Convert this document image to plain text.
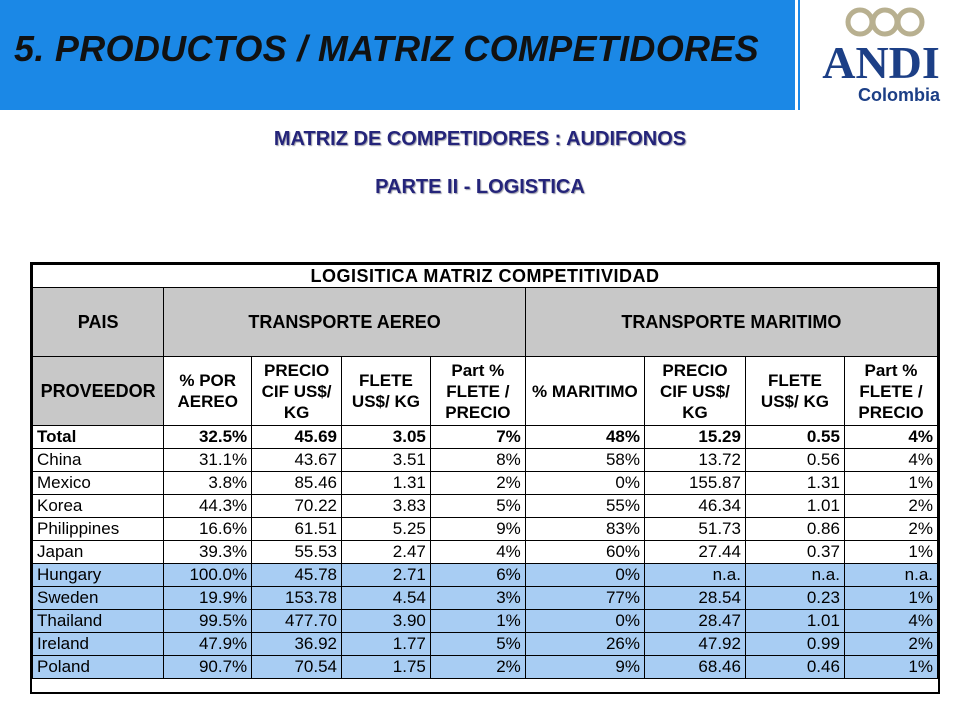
5. PRODUCTOS / MATRIZ COMPETIDORES ANDI
Colombia
MATRIZ DE COMPETIDORES : AUDIFONOS
PARTE II - LOGISTICA
LOGISITICA MATRIZ COMPETITIVIDAD								
PAIS	TRANSPORTE AEREO				TRANSPORTE MARITIMO			
PROVEEDOR	% POR AEREO	PRECIO CIF US$/ KG	FLETE US$/ KG	Part % FLETE / PRECIO	% MARITIMO	PRECIO CIF US$/ KG	FLETE US$/ KG	Part % FLETE / PRECIO
Total	32.5%	45.69	3.05	7%	48%	15.29	0.55	4%
China	31.1%	43.67	3.51	8%	58%	13.72	0.56	4%
Mexico	3.8%	85.46	1.31	2%	0%	155.87	1.31	1%
Korea	44.3%	70.22	3.83	5%	55%	46.34	1.01	2%
Philippines	16.6%	61.51	5.25	9%	83%	51.73	0.86	2%
Japan	39.3%	55.53	2.47	4%	60%	27.44	0.37	1%
Hungary	100.0%	45.78	2.71	6%	0%	n.a.	n.a.	n.a.
Sweden	19.9%	153.78	4.54	3%	77%	28.54	0.23	1%
Thailand	99.5%	477.70	3.90	1%	0%	28.47	1.01	4%
Ireland	47.9%	36.92	1.77	5%	26%	47.92	0.99	2%
Poland	90.7%	70.54	1.75	2%	9%	68.46	0.46	1%
